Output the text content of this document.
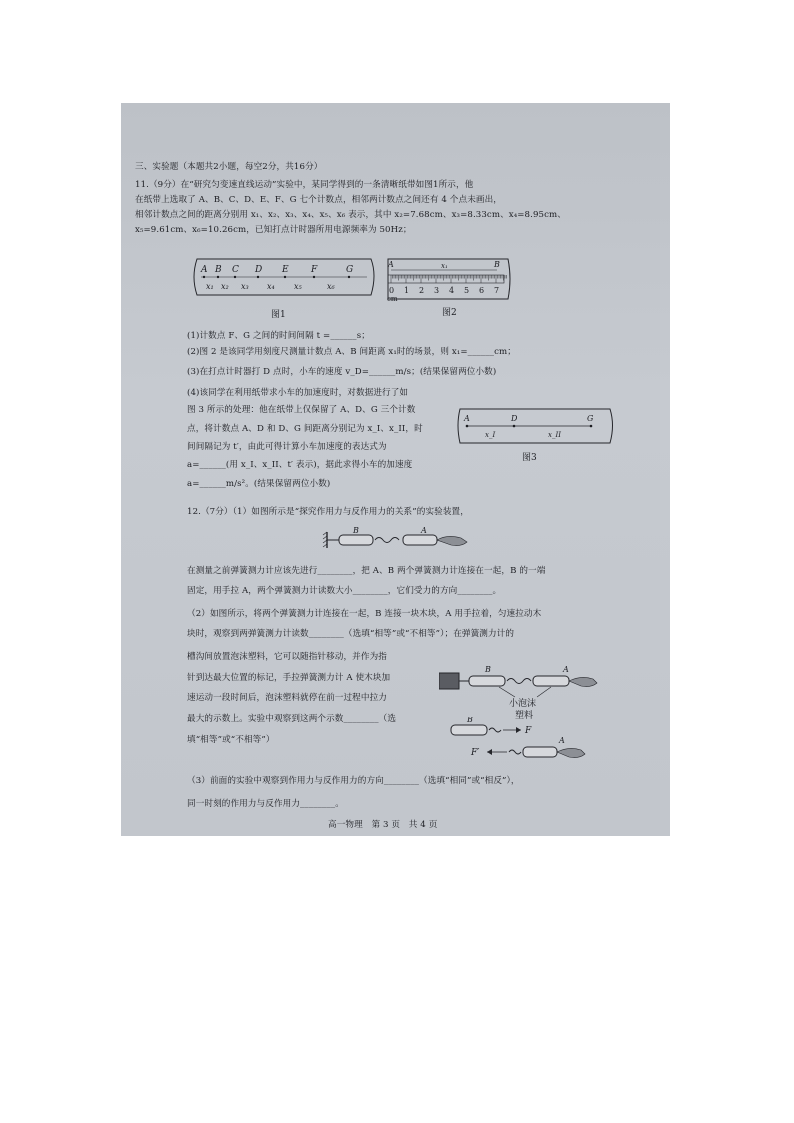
三、实验题（本题共2小题，每空2分，共16分）
11.（9分）在“研究匀变速直线运动”实验中，某同学得到的一条清晰纸带如图1所示，他
在纸带上选取了 A、B、C、D、E、F、G 七个计数点，相邻两计数点之间还有 4 个点未画出，
相邻计数点之间的距离分别用 x₁、x₂、x₃、x₄、x₅、x₆ 表示，其中 x₂=7.68cm、x₃=8.33cm、x₄=8.95cm、
x₅=9.61cm、x₆=10.26cm，已知打点计时器所用电源频率为 50Hz；
A B C D E F	G
x₁ x₂ x₃ x₄ x₅	x₆
图1
A	B
x₁
0 1 2 3 4 5 6 7
cm
图2
(1)计数点 F、G 之间的时间间隔 t =______s；
(2)图 2 是该同学用刻度尺测量计数点 A、B 间距离 x₁时的场景，则 x₁=______cm；
(3)在打点计时器打 D 点时，小车的速度 v_D=______m/s；(结果保留两位小数)
(4)该同学在利用纸带求小车的加速度时，对数据进行了如
图 3 所示的处理：他在纸带上仅保留了 A、D、G 三个计数
点，将计数点 A、D 和 D、G 间距离分别记为 x_I、x_II，时
间间隔记为 t′，由此可得计算小车加速度的表达式为
a=______(用 x_I、x_II、t′ 表示)，据此求得小车的加速度
a=______m/s²。(结果保留两位小数)
A	D	G
x_I	x_II
图3
12.（7分）（1）如图所示是“探究作用力与反作用力的关系”的实验装置，
B	A
在测量之前弹簧测力计应该先进行________，把 A、B 两个弹簧测力计连接在一起，B 的一端
固定，用手拉 A，两个弹簧测力计读数大小________，它们受力的方向________。
（2）如图所示，将两个弹簧测力计连接在一起，B 连接一块木块，A 用手拉着，匀速拉动木
块时，观察到两弹簧测力计读数________（选填“相等”或“不相等”）；在弹簧测力计的
槽沟间放置泡沫塑料，它可以随指针移动，并作为指
针到达最大位置的标记，手拉弹簧测力计 A 使木块加
速运动一段时间后，泡沫塑料就停在前一过程中拉力
最大的示数上。实验中观察到这两个示数________（选
填“相等”或“不相等”）
B	A
小泡沫
塑料
F
B
F′
A
（3）前面的实验中观察到作用力与反作用力的方向________（选填“相同”或“相反”），
同一时刻的作用力与反作用力________。
高一物理　第 3 页　共 4 页
